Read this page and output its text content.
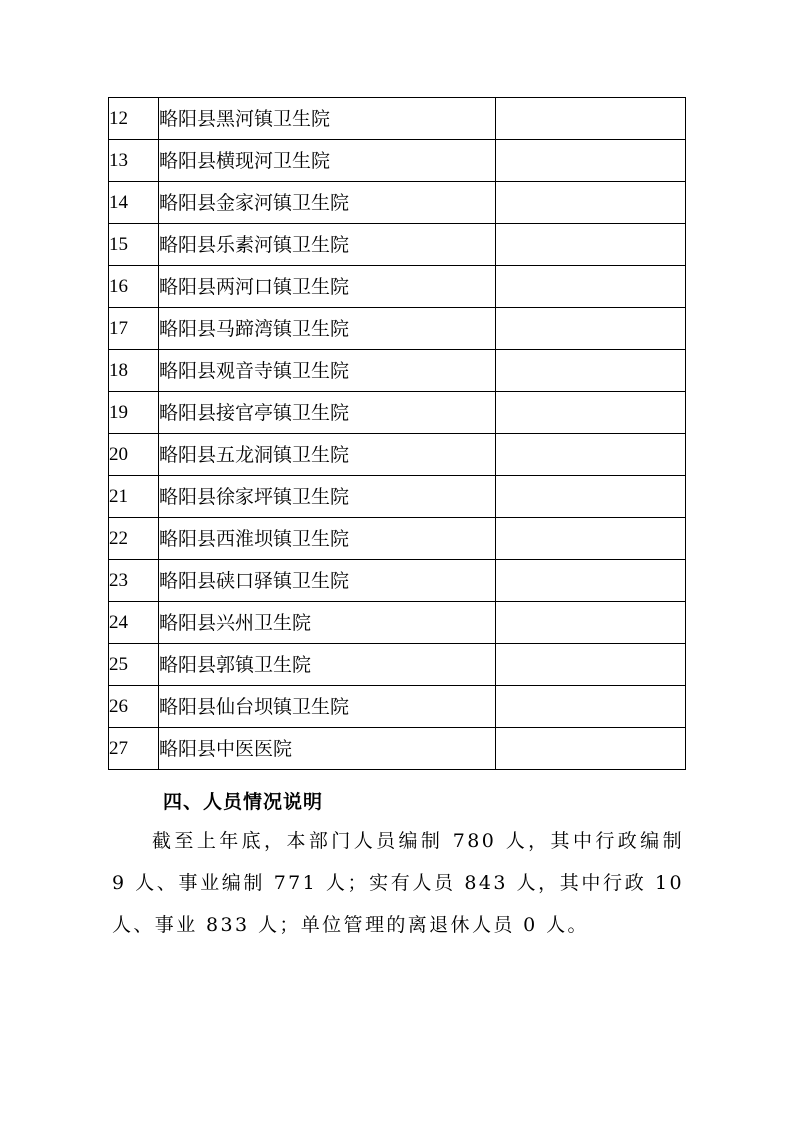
12	略阳县黑河镇卫生院	
13	略阳县横现河卫生院	
14	略阳县金家河镇卫生院	
15	略阳县乐素河镇卫生院	
16	略阳县两河口镇卫生院	
17	略阳县马蹄湾镇卫生院	
18	略阳县观音寺镇卫生院	
19	略阳县接官亭镇卫生院	
20	略阳县五龙洞镇卫生院	
21	略阳县徐家坪镇卫生院	
22	略阳县西淮坝镇卫生院	
23	略阳县硖口驿镇卫生院	
24	略阳县兴州卫生院	
25	略阳县郭镇卫生院	
26	略阳县仙台坝镇卫生院	
27	略阳县中医医院	
四、人员情况说明
截至上年底，本部门人员编制 780 人，其中行政编制 9 人、事业编制 771 人；实有人员 843 人，其中行政 10 人、事业 833 人；单位管理的离退休人员 0 人。
